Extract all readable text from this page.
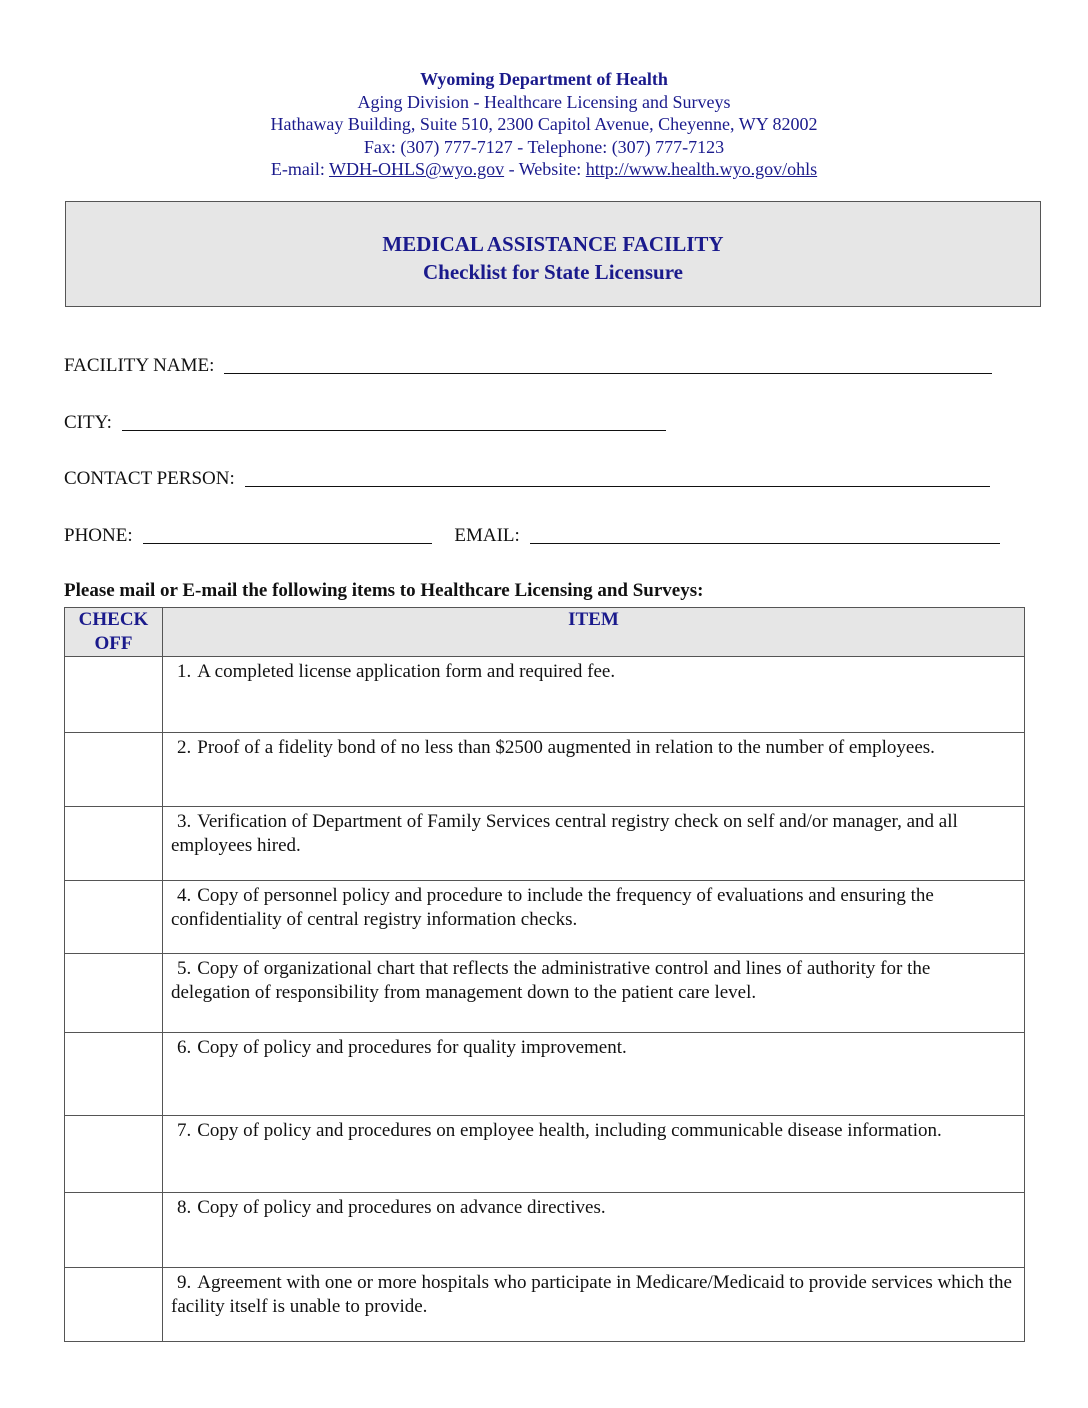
Wyoming Department of Health
Aging Division - Healthcare Licensing and Surveys
Hathaway Building, Suite 510, 2300 Capitol Avenue, Cheyenne, WY 82002
Fax: (307) 777-7127 - Telephone: (307) 777-7123
E-mail: WDH-OHLS@wyo.gov - Website: http://www.health.wyo.gov/ohls
MEDICAL ASSISTANCE FACILITY
Checklist for State Licensure
FACILITY NAME:
CITY:
CONTACT PERSON:
PHONE:	EMAIL:
Please mail or E-mail the following items to Healthcare Licensing and Surveys:
CHECK
OFF	ITEM
	1. A completed license application form and required fee.
	2. Proof of a fidelity bond of no less than $2500 augmented in relation to the number of employees.
	3. Verification of Department of Family Services central registry check on self and/or manager, and all employees hired.
	4. Copy of personnel policy and procedure to include the frequency of evaluations and ensuring the confidentiality of central registry information checks.
	5. Copy of organizational chart that reflects the administrative control and lines of authority for the delegation of responsibility from management down to the patient care level.
	6. Copy of policy and procedures for quality improvement.
	7. Copy of policy and procedures on employee health, including communicable disease information.
	8. Copy of policy and procedures on advance directives.
	9. Agreement with one or more hospitals who participate in Medicare/Medicaid to provide services which the facility itself is unable to provide.
